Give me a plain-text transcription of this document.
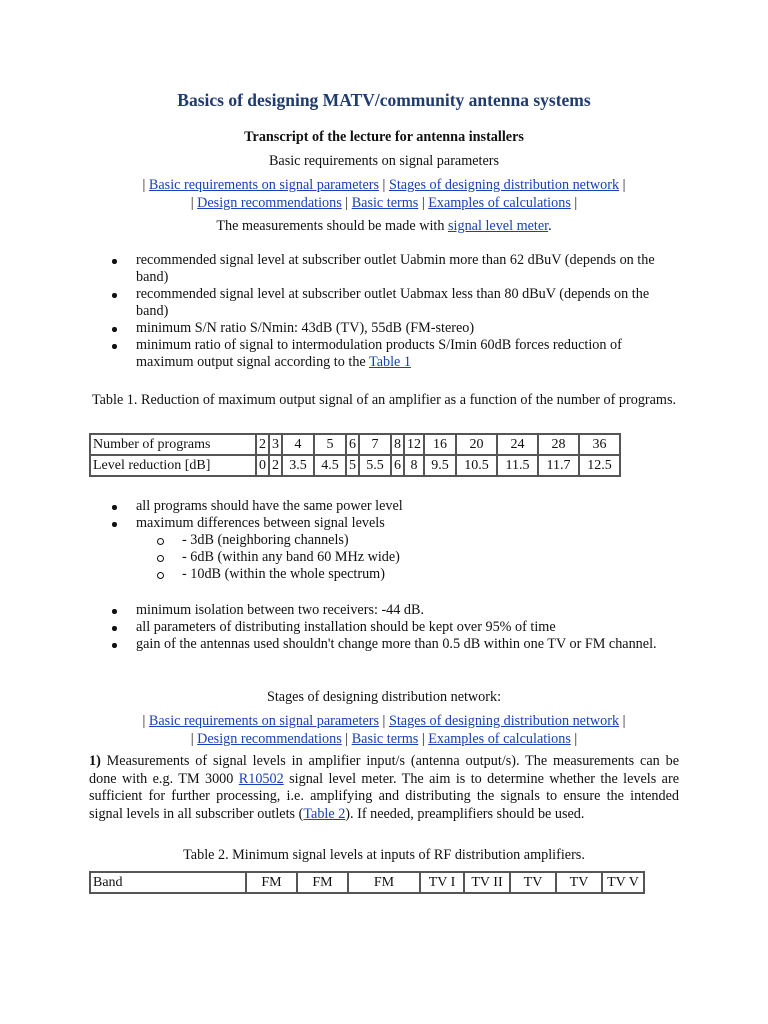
Basics of designing MATV/community antenna systems
Transcript of the lecture for antenna installers
Basic requirements on signal parameters
| Basic requirements on signal parameters | Stages of designing distribution network |
| Design recommendations | Basic terms | Examples of calculations |
The measurements should be made with signal level meter.
recommended signal level at subscriber outlet Uabmin more than 62 dBuV (depends on the band)
recommended signal level at subscriber outlet Uabmax less than 80 dBuV (depends on the band)
minimum S/N ratio S/Nmin: 43dB (TV), 55dB (FM-stereo)
minimum ratio of signal to intermodulation products S/Imin 60dB forces reduction of maximum output signal according to the Table 1
Table 1. Reduction of maximum output signal of an amplifier as a function of the number of programs.
Number of programs	2	3	4	5	6	7	8	12	16	20	24	28	36
Level reduction [dB]	0	2	3.5	4.5	5	5.5	6	8	9.5	10.5	11.5	11.7	12.5
all programs should have the same power level
maximum differences between signal levels
- 3dB (neighboring channels)
- 6dB (within any band 60 MHz wide)
- 10dB (within the whole spectrum)
minimum isolation between two receivers: -44 dB.
all parameters of distributing installation should be kept over 95% of time
gain of the antennas used shouldn't change more than 0.5 dB within one TV or FM channel.
Stages of designing distribution network:
| Basic requirements on signal parameters | Stages of designing distribution network |
| Design recommendations | Basic terms | Examples of calculations |
1) Measurements of signal levels in amplifier input/s (antenna output/s). The measurements can be done with e.g. TM 3000 R10502 signal level meter. The aim is to determine whether the levels are sufficient for further processing, i.e. amplifying and distributing the signals to ensure the intended signal levels in all subscriber outlets (Table 2). If needed, preamplifiers should be used.
Table 2. Minimum signal levels at inputs of RF distribution amplifiers.
Band	FM	FM	FM	TV I	TV II	TV	TV	TV V
